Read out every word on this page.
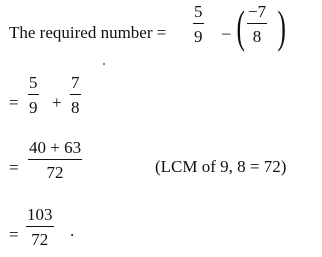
The required number =
5
9 – ( −7
8 )
=
5
9 +
7
8
=
40 + 63
72	(LCM of 9, 8 = 72)
=
103
72 .
